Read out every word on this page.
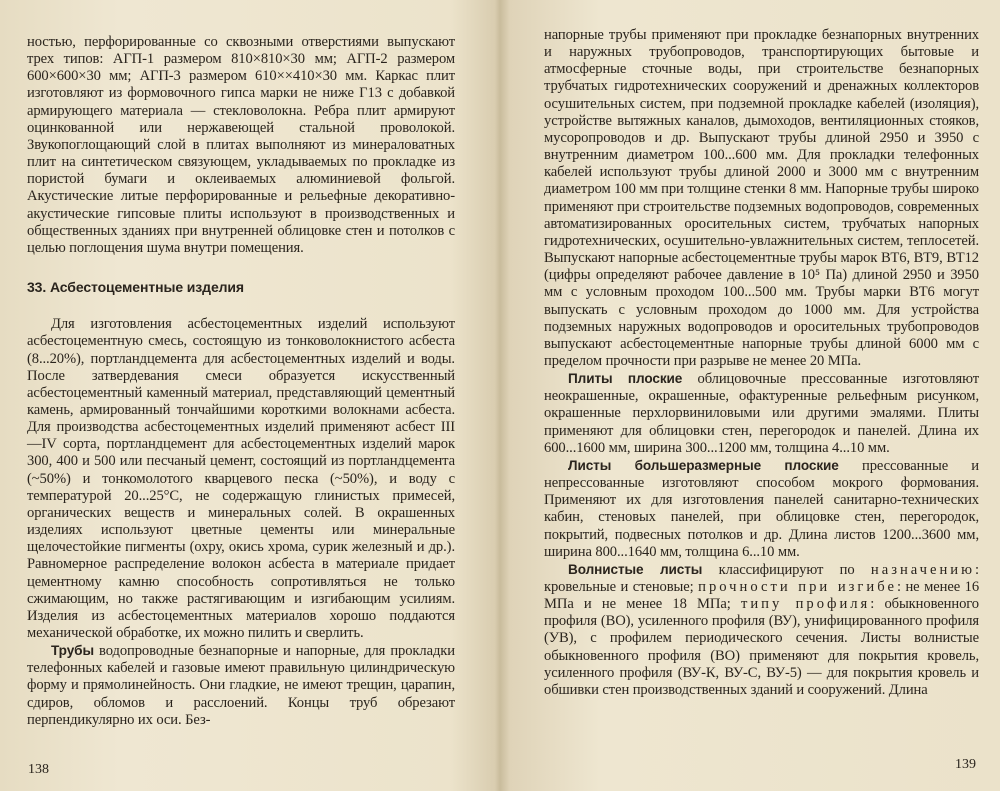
ностью, перфорированные со сквозными отверстиями выпускают трех типов: АГП-1 размером 810×810×30 мм; АГП-2 размером 600×600×30 мм; АГП-3 размером 610××410×30 мм. Каркас плит изготовляют из формовочного гипса марки не ниже Г13 с добавкой армирующего материала — стекловолокна. Ребра плит армируют оцинкованной или нержавеющей стальной проволокой. Звукопоглощающий слой в плитах выполняют из минераловатных плит на синтетическом связующем, укладываемых по прокладке из пористой бумаги и оклеиваемых алюминиевой фольгой. Акустические литые перфорированные и рельефные декоративно-акустические гипсовые плиты используют в производственных и общественных зданиях при внутренней облицовке стен и потолков с целью поглощения шума внутри помещения.

33. Асбестоцементные изделия

Для изготовления асбестоцементных изделий используют асбестоцементную смесь, состоящую из тонковолокнистого асбеста (8...20%), портландцемента для асбестоцементных изделий и воды. После затвердевания смеси образуется искусственный асбестоцементный каменный материал, представляющий цементный камень, армированный тончайшими короткими волокнами асбеста. Для производства асбестоцементных изделий применяют асбест III—IV сорта, портландцемент для асбестоцементных изделий марок 300, 400 и 500 или песчаный цемент, состоящий из портландцемента (~50%) и тонкомолотого кварцевого песка (~50%), и воду с температурой 20...25°С, не содержащую глинистых примесей, органических веществ и минеральных солей. В окрашенных изделиях используют цветные цементы или минеральные щелочестойкие пигменты (охру, окись хрома, сурик железный и др.). Равномерное распределение волокон асбеста в материале придает цементному камню способность сопротивляться не только сжимающим, но также растягивающим и изгибающим усилиям. Изделия из асбестоцементных материалов хорошо поддаются механической обработке, их можно пилить и сверлить.

Трубы водопроводные безнапорные и напорные, для прокладки телефонных кабелей и газовые имеют правильную цилиндрическую форму и прямолинейность. Они гладкие, не имеют трещин, царапин, сдиров, обломов и расслоений. Концы труб обрезают перпендикулярно их оси. Без-

138

напорные трубы применяют при прокладке безнапорных внутренних и наружных трубопроводов, транспортирующих бытовые и атмосферные сточные воды, при строительстве безнапорных трубчатых гидротехнических сооружений и дренажных коллекторов осушительных систем, при подземной прокладке кабелей (изоляция), устройстве вытяжных каналов, дымоходов, вентиляционных стояков, мусоропроводов и др. Выпускают трубы длиной 2950 и 3950 с внутренним диаметром 100...600 мм. Для прокладки телефонных кабелей используют трубы длиной 2000 и 3000 мм с внутренним диаметром 100 мм при толщине стенки 8 мм. Напорные трубы широко применяют при строительстве подземных водопроводов, современных автоматизированных оросительных систем, трубчатых напорных гидротехнических, осушительно-увлажнительных систем, теплосетей. Выпускают напорные асбестоцементные трубы марок ВТ6, ВТ9, ВТ12 (цифры определяют рабочее давление в 10⁵ Па) длиной 2950 и 3950 мм с условным проходом 100...500 мм. Трубы марки ВТ6 могут выпускать с условным проходом до 1000 мм. Для устройства подземных наружных водопроводов и оросительных трубопроводов выпускают асбестоцементные напорные трубы длиной 6000 мм с пределом прочности при разрыве не менее 20 МПа.

Плиты плоские облицовочные прессованные изготовляют неокрашенные, окрашенные, офактуренные рельефным рисунком, окрашенные перхлорвиниловыми или другими эмалями. Плиты применяют для облицовки стен, перегородок и панелей. Длина их 600...1600 мм, ширина 300...1200 мм, толщина 4...10 мм.

Листы большеразмерные плоские прессованные и непрессованные изготовляют способом мокрого формования. Применяют их для изготовления панелей санитарно-технических кабин, стеновых панелей, при облицовке стен, перегородок, покрытий, подвесных потолков и др. Длина листов 1200...3600 мм, ширина 800...1640 мм, толщина 6...10 мм.

Волнистые листы классифицируют по назначению: кровельные и стеновые; прочности при изгибе: не менее 16 МПа и не менее 18 МПа; типу профиля: обыкновенного профиля (ВО), усиленного профиля (ВУ), унифицированного профиля (УВ), с профилем периодического сечения. Листы волнистые обыкновенного профиля (ВО) применяют для покрытия кровель, усиленного профиля (ВУ-К, ВУ-С, ВУ-5) — для покрытия кровель и обшивки стен производственных зданий и сооружений. Длина

139
